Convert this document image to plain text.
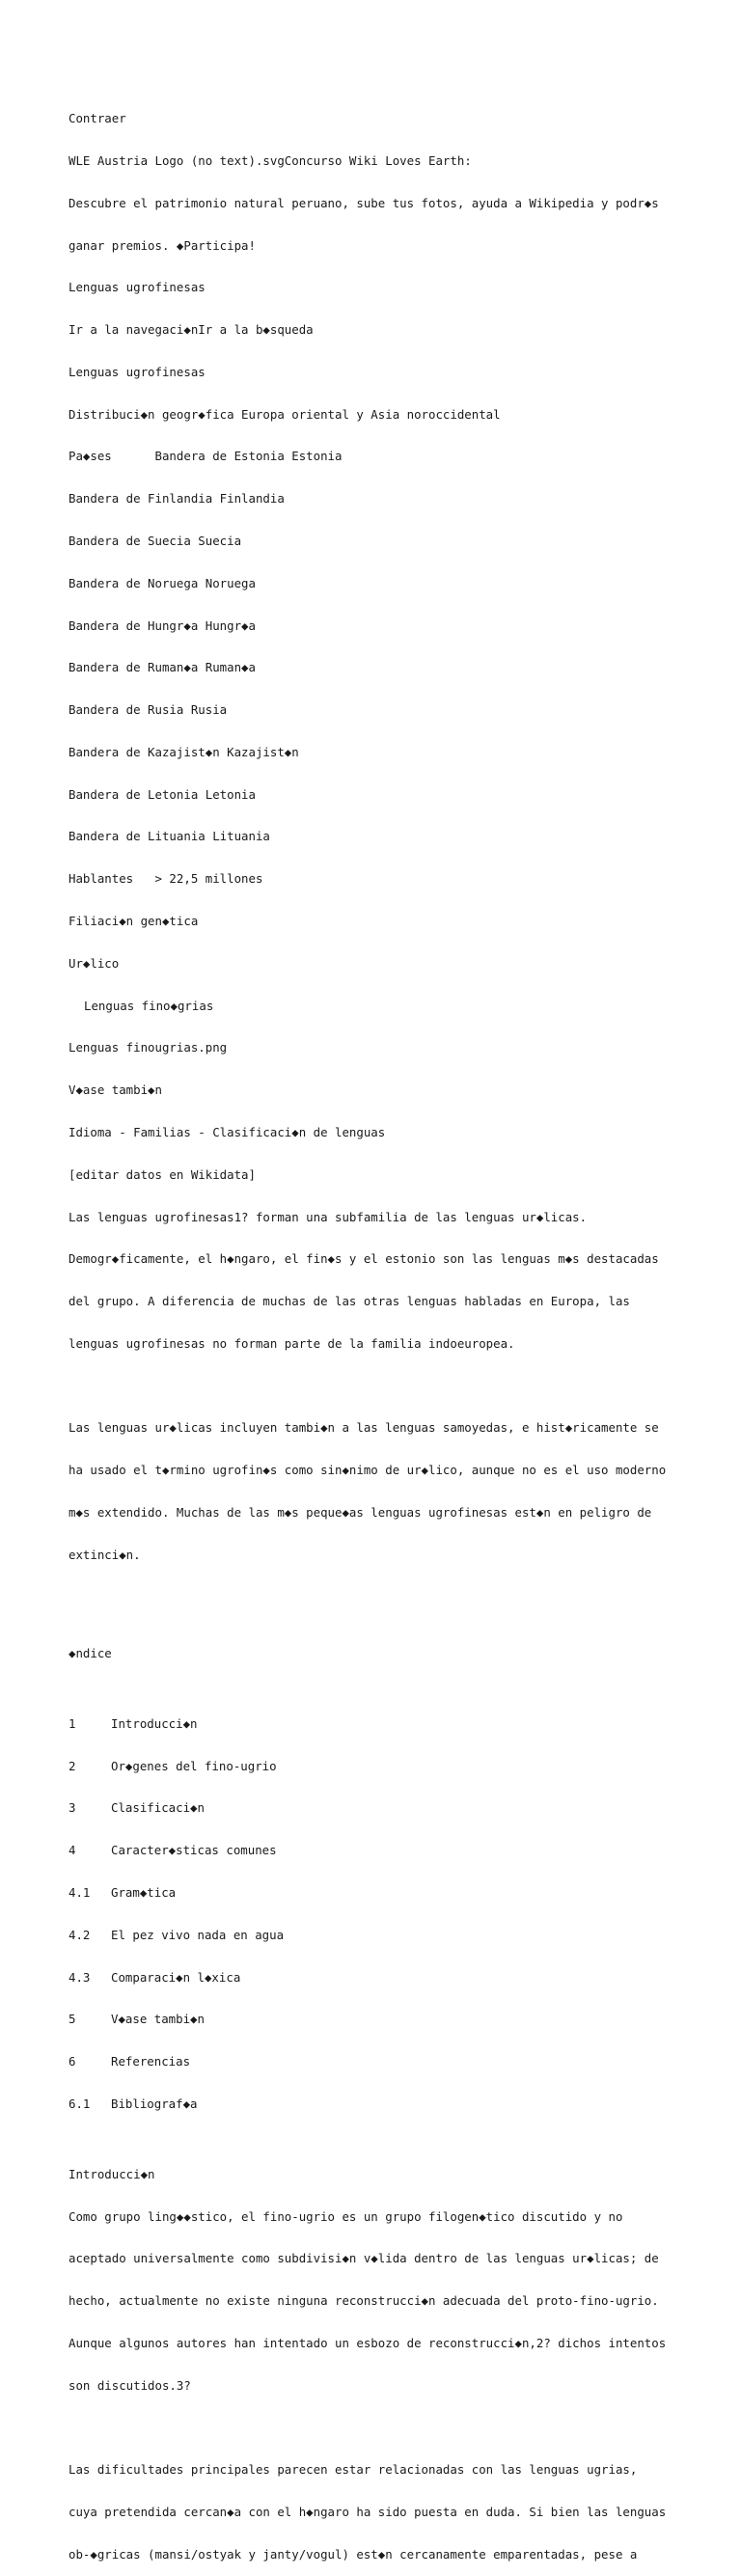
Contraer

WLE Austria Logo (no text).svgConcurso Wiki Loves Earth:

Descubre el patrimonio natural peruano, sube tus fotos, ayuda a Wikipedia y podr◆s

ganar premios. ◆Participa!

Lenguas ugrofinesas

Ir a la navegaci◆nIr a la b◆squeda

Lenguas ugrofinesas

Distribuci◆n geogr◆fica Europa oriental y Asia noroccidental

Pa◆ses      Bandera de Estonia Estonia

Bandera de Finlandia Finlandia

Bandera de Suecia Suecia

Bandera de Noruega Noruega

Bandera de Hungr◆a Hungr◆a

Bandera de Ruman◆a Ruman◆a

Bandera de Rusia Rusia

Bandera de Kazajist◆n Kazajist◆n

Bandera de Letonia Letonia

Bandera de Lituania Lituania

Hablantes   > 22,5 millones

Filiaci◆n gen◆tica

Ur◆lico

Lenguas fino◆grias

Lenguas finougrias.png

V◆ase tambi◆n

Idioma - Familias - Clasificaci◆n de lenguas

[editar datos en Wikidata]

Las lenguas ugrofinesas1? forman una subfamilia de las lenguas ur◆licas.

Demogr◆ficamente, el h◆ngaro, el fin◆s y el estonio son las lenguas m◆s destacadas

del grupo. A diferencia de muchas de las otras lenguas habladas en Europa, las

lenguas ugrofinesas no forman parte de la familia indoeuropea.

Las lenguas ur◆licas incluyen tambi◆n a las lenguas samoyedas, e hist◆ricamente se

ha usado el t◆rmino ugrofin◆s como sin◆nimo de ur◆lico, aunque no es el uso moderno

m◆s extendido. Muchas de las m◆s peque◆as lenguas ugrofinesas est◆n en peligro de

extinci◆n.

◆ndice

1	Introducci◆n

2	Or◆genes del fino-ugrio

3	Clasificaci◆n

4	Caracter◆sticas comunes

4.1 Gram◆tica

4.2 El pez vivo nada en agua

4.3 Comparaci◆n l◆xica

5	V◆ase tambi◆n

6	Referencias

6.1 Bibliograf◆a

Introducci◆n

Como grupo ling◆◆stico, el fino-ugrio es un grupo filogen◆tico discutido y no

aceptado universalmente como subdivisi◆n v◆lida dentro de las lenguas ur◆licas; de

hecho, actualmente no existe ninguna reconstrucci◆n adecuada del proto-fino-ugrio.

Aunque algunos autores han intentado un esbozo de reconstrucci◆n,2? dichos intentos

son discutidos.3?

Las dificultades principales parecen estar relacionadas con las lenguas ugrias,

cuya pretendida cercan◆a con el h◆ngaro ha sido puesta en duda. Si bien las lenguas

ob-◆gricas (mansi/ostyak y janty/vogul) est◆n cercanamente emparentadas, pese a
